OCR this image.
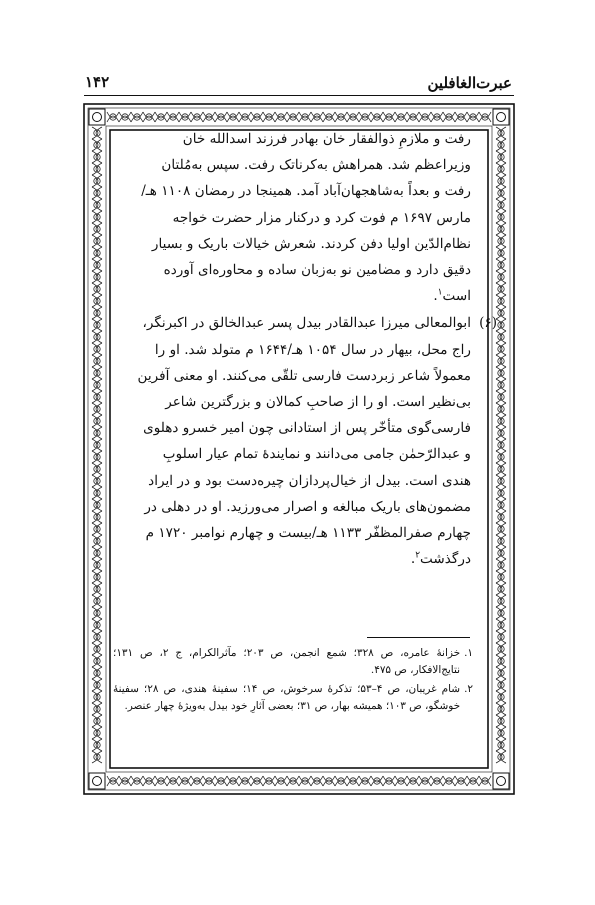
عبرت‌الغافلین
۱۴۲

رفت و ملازمِ ذوالفقار خان بهادر فرزند اسدالله خان
وزیراعظم شد. همراهش به‌کرناتک رفت. سپس به‌مُلتان
رفت و بعداً به‌شاهجهان‌آباد آمد. همینجا در رمضان ۱۱۰۸ هـ/
مارس ۱۶۹۷ م فوت کرد و درکنار مزار حضرت خواجه
نظام‌الدّین اولیا دفن کردند. شعرش خیالات باریک و بسیار
دقیق دارد و مضامین نو به‌زبان ساده و محاوره‌ای آورده
است$^۱$.

(۶)

ابوالمعالی میرزا عبدالقادر بیدل پسر عبدالخالق در اکبرنگر،
راج محل، بیهار در سال ۱۰۵۴ هـ/۱۶۴۴ م متولد شد. او را
معمولاً شاعر زبردست فارسی تلقّی می‌کنند. او معنی آفرین
بی‌نظیر است. او را از صاحبِ کمالان و بزرگترین شاعر
فارسی‌گوی متأخّر پس از استادانی چون امیر خسرو دهلوی
و عبدالرّحمٰن جامی می‌دانند و نمایندهٔ تمام عیار اسلوبِ
هندی است. بیدل از خیال‌پردازان چیره‌دست بود و در ایراد
مضمون‌های باریک مبالغه و اصرار می‌ورزید. او در دهلی در
چهارم صفرالمظفّر ۱۱۳۳ هـ/بیست و چهارم نوامبر ۱۷۲۰ م
درگذشت$^۲$.

۱.
خزانهٔ عامره، ص ۳۲۸؛ شمع انجمن، ص ۲۰۳؛ مآثرالکرام، ج ۲، ص ۱۳۱؛ نتایج‌الافکار، ص ۴۷۵.

۲.
شام غریبان، ص ۴–۵۳؛ تذکرهٔ سرخوش، ص ۱۴؛ سفینهٔ هندی، ص ۲۸؛ سفینهٔ خوشگو، ص ۱۰۳؛ همیشه بهار، ص ۳۱؛ بعضی آثارِ خود بیدل به‌ویژهٔ چهار عنصر.
